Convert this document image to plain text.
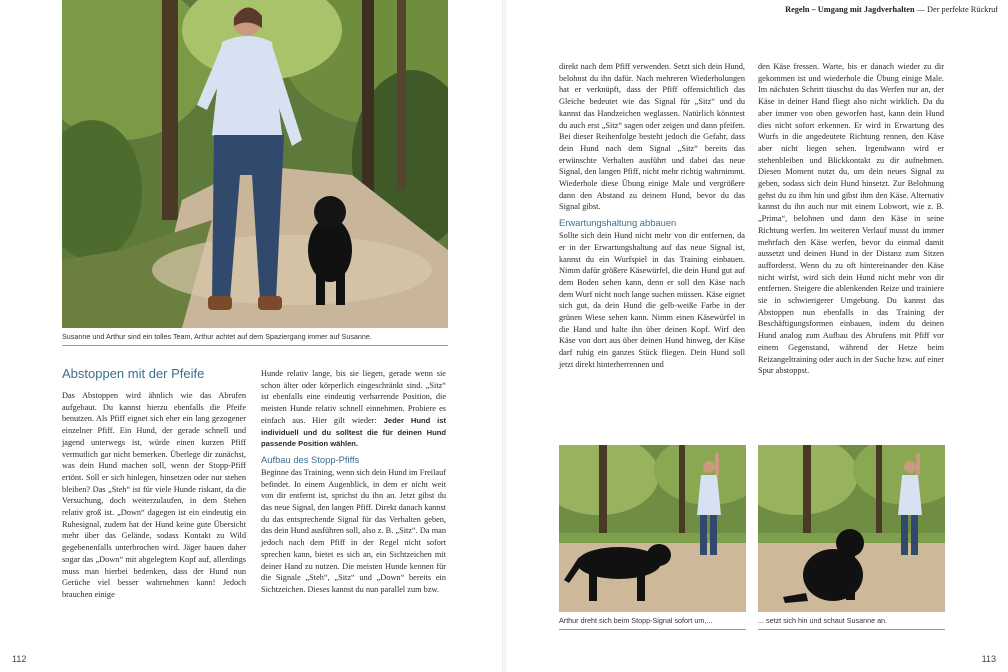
Regeln – Umgang mit Jagdverhalten — Der perfekte Rückruf
Susanne und Arthur sind ein tolles Team, Arthur achtet auf dem Spaziergang immer auf Susanne.
Abstoppen mit der Pfeife

Das Abstoppen wird ähnlich wie das Abrufen aufgebaut. Du kannst hierzu ebenfalls die Pfeife benutzen. Als Pfiff eignet sich eher ein lang gezogener einzelner Pfiff. Ein Hund, der gerade schnell und jagend unterwegs ist, würde einen kurzen Pfiff vermutlich gar nicht bemerken. Überlege dir zunächst, was dein Hund machen soll, wenn der Stopp-Pfiff ertönt. Soll er sich hinlegen, hinsetzen oder nur stehen bleiben? Das „Steh“ ist für viele Hunde riskant, da die Versuchung, doch weiterzulaufen, in dem Stehen relativ groß ist. „Down“ dagegen ist ein eindeutig ein Ruhesignal, zudem hat der Hund keine gute Übersicht mehr über das Gelände, sodass Kontakt zu Wild gegebenenfalls unterbrochen wird. Jäger bauen daher sogar das „Down“ mit abgelegtem Kopf auf, allerdings muss man hierbei bedenken, dass der Hund nun Gerüche viel besser wahrnehmen kann! Jedoch brauchen einige

Hunde relativ lange, bis sie liegen, gerade wenn sie schon älter oder körperlich eingeschränkt sind. „Sitz“ ist ebenfalls eine eindeutig verharrende Position, die meisten Hunde relativ schnell einnehmen. Probiere es einfach aus. Hier gilt wieder: Jeder Hund ist individuell und du solltest die für deinen Hund passende Position wählen.

Aufbau des Stopp-Pfiffs

Beginne das Training, wenn sich dein Hund im Freilauf befindet. In einem Augenblick, in dem er nicht weit von dir entfernt ist, sprichst du ihn an. Jetzt gibst du das neue Signal, den langen Pfiff. Direkt danach kannst du das entsprechende Signal für das Verhalten geben, das dein Hund ausführen soll, also z. B. „Sitz“. Da man jedoch nach dem Pfiff in der Regel nicht sofort sprechen kann, bietet es sich an, ein Sichtzeichen mit deiner Hand zu nutzen. Die meisten Hunde kennen für die Signale „Steh“, „Sitz“ und „Down“ bereits ein Sichtzeichen. Dieses kannst du nun parallel zum bzw.

direkt nach dem Pfiff verwenden. Setzt sich dein Hund, belohnst du ihn dafür. Nach mehreren Wiederholungen hat er verknüpft, dass der Pfiff offensichtlich das Gleiche bedeutet wie das Signal für „Sitz“ und du kannst das Handzeichen weglassen. Natürlich könntest du auch erst „Sitz“ sagen oder zeigen und dann pfeifen. Bei dieser Reihenfolge besteht jedoch die Gefahr, dass dein Hund nach dem Signal „Sitz“ bereits das erwünschte Verhalten ausführt und dabei das neue Signal, den langen Pfiff, nicht mehr richtig wahrnimmt. Wiederhole diese Übung einige Male und vergrößere dann den Abstand zu deinem Hund, bevor du das Signal gibst.

Erwartungshaltung abbauen

Sollte sich dein Hund nicht mehr von dir entfernen, da er in der Erwartungshaltung auf das neue Signal ist, kannst du ein Wurfspiel in das Training einbauen. Nimm dafür größere Käsewürfel, die dein Hund gut auf dem Boden sehen kann, denn er soll den Käse nach dem Wurf nicht noch lange suchen müssen. Käse eignet sich gut, da dein Hund die gelb-weiße Farbe in der grünen Wiese sehen kann. Nimm einen Käsewürfel in die Hand und halte ihn über deinen Kopf. Wirf den Käse von dort aus über deinen Hund hinweg, der Käse darf ruhig ein ganzes Stück fliegen. Dein Hund soll jetzt direkt hinterherrennen und

den Käse fressen. Warte, bis er danach wieder zu dir gekommen ist und wiederhole die Übung einige Male. Im nächsten Schritt täuschst du das Werfen nur an, der Käse in deiner Hand fliegt also nicht wirklich. Da du aber immer von oben geworfen hast, kann dein Hund dies nicht sofort erkennen. Er wird in Erwartung des Wurfs in die angedeutete Richtung rennen, den Käse aber nicht liegen sehen. Irgendwann wird er stehenbleiben und Blickkontakt zu dir aufnehmen. Diesen Moment nutzt du, um dein neues Signal zu geben, sodass sich dein Hund hinsetzt. Zur Belohnung gehst du zu ihm hin und gibst ihm den Käse. Alternativ kannst du ihn auch nur mit einem Lobwort, wie z. B. „Prima“, belohnen und dann den Käse in seine Richtung werfen. Im weiteren Verlauf musst du immer mehrfach den Käse werfen, bevor du einmal damit aussetzt und deinen Hund in der Distanz zum Sitzen aufforderst. Wenn du zu oft hintereinander den Käse nicht wirfst, wird sich dein Hund nicht mehr von dir entfernen. Steigere die ablenkenden Reize und trainiere sie in schwierigerer Umgebung. Du kannst das Abstoppen nun ebenfalls in das Training der Beschäftigungsformen einbauen, indem du deinen Hund analog zum Aufbau des Abrufens mit Pfiff vor einem Gegenstand, während der Hetze beim Reizangeltraining oder auch in der Suche bzw. auf einer Spur abstoppst.

Arthur dreht sich beim Stopp-Signal sofort um,...	... setzt sich hin und schaut Susanne an.
112	113
